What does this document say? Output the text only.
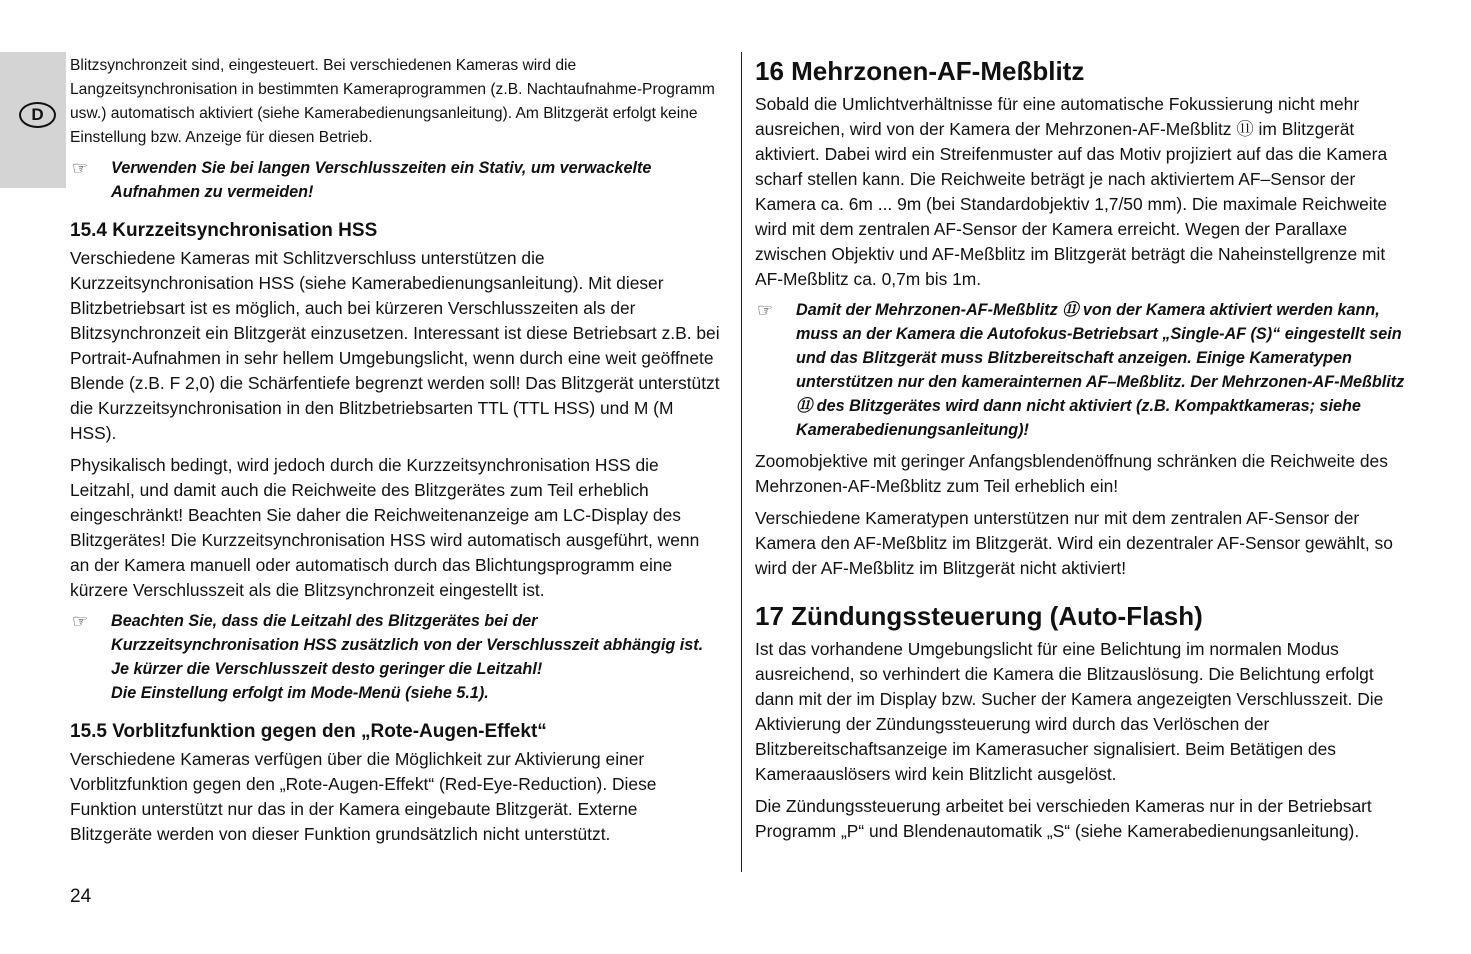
D

Blitzsynchronzeit sind, eingesteuert. Bei verschiedenen Kameras wird die Langzeitsynchronisation in bestimmten Kameraprogrammen (z.B. Nachtaufnahme-Programm usw.) automatisch aktiviert (siehe Kamerabedienungsanleitung). Am Blitzgerät erfolgt keine Einstellung bzw. Anzeige für diesen Betrieb.

☞ Verwenden Sie bei langen Verschlusszeiten ein Stativ, um verwackelte Aufnahmen zu vermeiden!

15.4 Kurzzeitsynchronisation HSS

Verschiedene Kameras mit Schlitzverschluss unterstützen die Kurzzeitsynchronisation HSS (siehe Kamerabedienungsanleitung). Mit dieser Blitzbetriebsart ist es möglich, auch bei kürzeren Verschlusszeiten als der Blitzsynchronzeit ein Blitzgerät einzusetzen. Interessant ist diese Betriebsart z.B. bei Portrait-Aufnahmen in sehr hellem Umgebungslicht, wenn durch eine weit geöffnete Blende (z.B. F 2,0) die Schärfentiefe begrenzt werden soll! Das Blitzgerät unterstützt die Kurzzeitsynchronisation in den Blitzbetriebsarten TTL (TTL HSS) und M (M HSS).

Physikalisch bedingt, wird jedoch durch die Kurzzeitsynchronisation HSS die Leitzahl, und damit auch die Reichweite des Blitzgerätes zum Teil erheblich eingeschränkt! Beachten Sie daher die Reichweitenanzeige am LC-Display des Blitzgerätes! Die Kurzzeitsynchronisation HSS wird automatisch ausgeführt, wenn an der Kamera manuell oder automatisch durch das Blichtungsprogramm eine kürzere Verschlusszeit als die Blitzsynchronzeit eingestellt ist.

☞ Beachten Sie, dass die Leitzahl des Blitzgerätes bei der Kurzzeitsynchronisation HSS zusätzlich von der Verschlusszeit abhängig ist. Je kürzer die Verschlusszeit desto geringer die Leitzahl!

Die Einstellung erfolgt im Mode-Menü (siehe 5.1).

15.5 Vorblitzfunktion gegen den „Rote-Augen-Effekt“

Verschiedene Kameras verfügen über die Möglichkeit zur Aktivierung einer Vorblitzfunktion gegen den „Rote-Augen-Effekt“ (Red-Eye-Reduction). Diese Funktion unterstützt nur das in der Kamera eingebaute Blitzgerät. Externe Blitzgeräte werden von dieser Funktion grundsätzlich nicht unterstützt.

16 Mehrzonen-AF-Meßblitz

Sobald die Umlichtverhältnisse für eine automatische Fokussierung nicht mehr ausreichen, wird von der Kamera der Mehrzonen-AF-Meßblitz ⑪ im Blitzgerät aktiviert. Dabei wird ein Streifenmuster auf das Motiv projiziert auf das die Kamera scharf stellen kann. Die Reichweite beträgt je nach aktiviertem AF–Sensor der Kamera ca. 6m ... 9m (bei Standardobjektiv 1,7/50 mm). Die maximale Reichweite wird mit dem zentralen AF-Sensor der Kamera erreicht. Wegen der Parallaxe zwischen Objektiv und AF-Meßblitz im Blitzgerät beträgt die Naheinstellgrenze mit AF-Meßblitz ca. 0,7m bis 1m.

☞ Damit der Mehrzonen-AF-Meßblitz ⑪ von der Kamera aktiviert werden kann, muss an der Kamera die Autofokus-Betriebsart „Single-AF (S)“ eingestellt sein und das Blitzgerät muss Blitzbereitschaft anzeigen. Einige Kameratypen unterstützen nur den kamerainternen AF–Meßblitz. Der Mehrzonen-AF-Meßblitz ⑪ des Blitzgerätes wird dann nicht aktiviert (z.B. Kompaktkameras; siehe Kamerabedienungsanleitung)!

Zoomobjektive mit geringer Anfangsblendenöffnung schränken die Reichweite des Mehrzonen-AF-Meßblitz zum Teil erheblich ein!

Verschiedene Kameratypen unterstützen nur mit dem zentralen AF-Sensor der Kamera den AF-Meßblitz im Blitzgerät. Wird ein dezentraler AF-Sensor gewählt, so wird der AF-Meßblitz im Blitzgerät nicht aktiviert!

17 Zündungssteuerung (Auto-Flash)

Ist das vorhandene Umgebungslicht für eine Belichtung im normalen Modus ausreichend, so verhindert die Kamera die Blitzauslösung. Die Belichtung erfolgt dann mit der im Display bzw. Sucher der Kamera angezeigten Verschlusszeit. Die Aktivierung der Zündungssteuerung wird durch das Verlöschen der Blitzbereitschaftsanzeige im Kamerasucher signalisiert. Beim Betätigen des Kameraauslösers wird kein Blitzlicht ausgelöst.

Die Zündungssteuerung arbeitet bei verschieden Kameras nur in der Betriebsart Programm „P“ und Blendenautomatik „S“ (siehe Kamerabedienungsanleitung).

24
